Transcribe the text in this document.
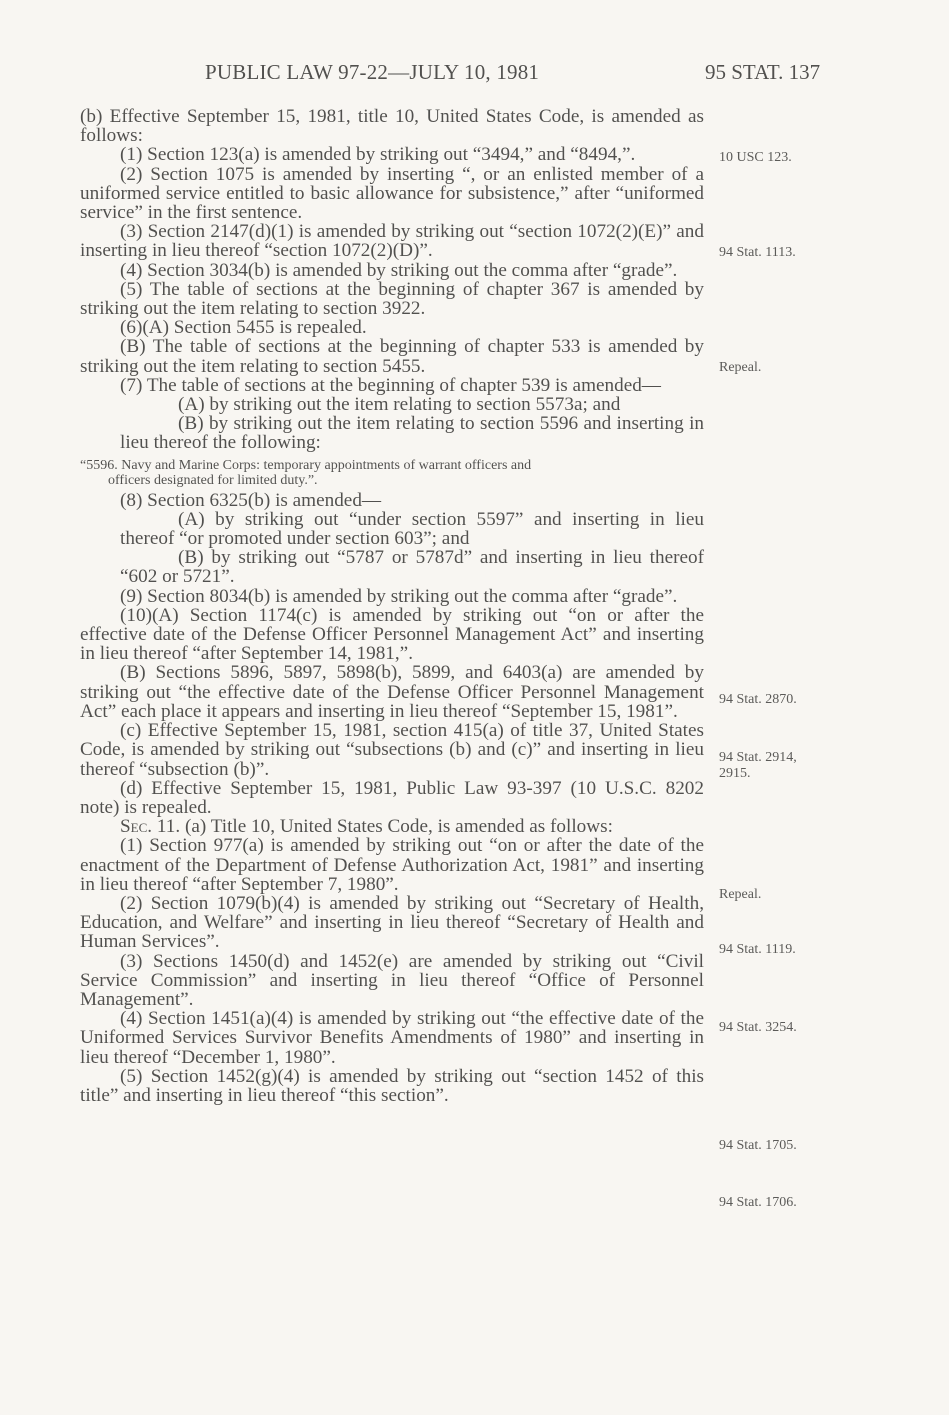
PUBLIC LAW 97-22—JULY 10, 1981	95 STAT. 137

(b) Effective September 15, 1981, title 10, United States Code, is amended as follows:

(1) Section 123(a) is amended by striking out “3494,” and “8494,”.

(2) Section 1075 is amended by inserting “, or an enlisted member of a uniformed service entitled to basic allowance for subsistence,” after “uniformed service” in the first sentence.

(3) Section 2147(d)(1) is amended by striking out “section 1072(2)(E)” and inserting in lieu thereof “section 1072(2)(D)”.

(4) Section 3034(b) is amended by striking out the comma after “grade”.

(5) The table of sections at the beginning of chapter 367 is amended by striking out the item relating to section 3922.

(6)(A) Section 5455 is repealed.

(B) The table of sections at the beginning of chapter 533 is amended by striking out the item relating to section 5455.

(7) The table of sections at the beginning of chapter 539 is amended—

(A) by striking out the item relating to section 5573a; and

(B) by striking out the item relating to section 5596 and inserting in lieu thereof the following:

“5596. Navy and Marine Corps: temporary appointments of warrant officers and
officers designated for limited duty.”.

(8) Section 6325(b) is amended—

(A) by striking out “under section 5597” and inserting in lieu thereof “or promoted under section 603”; and

(B) by striking out “5787 or 5787d” and inserting in lieu thereof “602 or 5721”.

(9) Section 8034(b) is amended by striking out the comma after “grade”.

(10)(A) Section 1174(c) is amended by striking out “on or after the effective date of the Defense Officer Personnel Management Act” and inserting in lieu thereof “after September 14, 1981,”.

(B) Sections 5896, 5897, 5898(b), 5899, and 6403(a) are amended by striking out “the effective date of the Defense Officer Personnel Management Act” each place it appears and inserting in lieu thereof “September 15, 1981”.

(c) Effective September 15, 1981, section 415(a) of title 37, United States Code, is amended by striking out “subsections (b) and (c)” and inserting in lieu thereof “subsection (b)”.

(d) Effective September 15, 1981, Public Law 93-397 (10 U.S.C. 8202 note) is repealed.

Sec. 11. (a) Title 10, United States Code, is amended as follows:

(1) Section 977(a) is amended by striking out “on or after the date of the enactment of the Department of Defense Authorization Act, 1981” and inserting in lieu thereof “after September 7, 1980”.

(2) Section 1079(b)(4) is amended by striking out “Secretary of Health, Education, and Welfare” and inserting in lieu thereof “Secretary of Health and Human Services”.

(3) Sections 1450(d) and 1452(e) are amended by striking out “Civil Service Commission” and inserting in lieu thereof “Office of Personnel Management”.

(4) Section 1451(a)(4) is amended by striking out “the effective date of the Uniformed Services Survivor Benefits Amendments of 1980” and inserting in lieu thereof “December 1, 1980”.

(5) Section 1452(g)(4) is amended by striking out “section 1452 of this title” and inserting in lieu thereof “this section”.

10 USC 123.
94 Stat. 1113.
Repeal.
94 Stat. 2870.
94 Stat. 2914, 2915.
Repeal.
94 Stat. 1119.
94 Stat. 3254.
94 Stat. 1705.
94 Stat. 1706.
